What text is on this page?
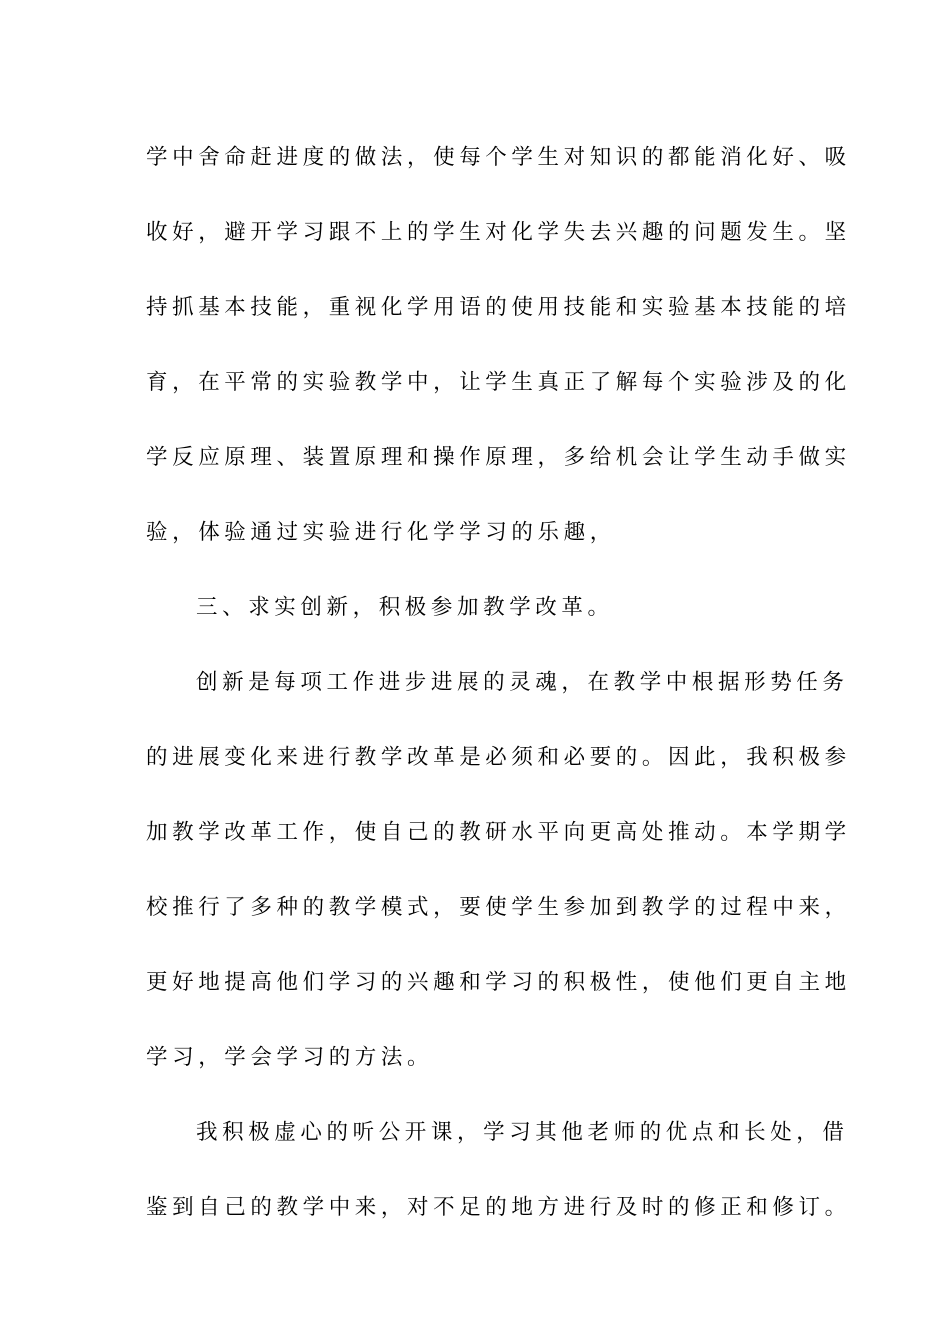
学中舍命赶进度的做法，使每个学生对知识的都能消化好、吸
收好，避开学习跟不上的学生对化学失去兴趣的问题发生。坚
持抓基本技能，重视化学用语的使用技能和实验基本技能的培
育，在平常的实验教学中，让学生真正了解每个实验涉及的化
学反应原理、装置原理和操作原理，多给机会让学生动手做实
验，体验通过实验进行化学学习的乐趣，
三、求实创新，积极参加教学改革。
创新是每项工作进步进展的灵魂，在教学中根据形势任务
的进展变化来进行教学改革是必须和必要的。因此，我积极参
加教学改革工作，使自己的教研水平向更高处推动。本学期学
校推行了多种的教学模式，要使学生参加到教学的过程中来，
更好地提高他们学习的兴趣和学习的积极性，使他们更自主地
学习，学会学习的方法。
我积极虚心的听公开课，学习其他老师的优点和长处，借
鉴到自己的教学中来，对不足的地方进行及时的修正和修订。
